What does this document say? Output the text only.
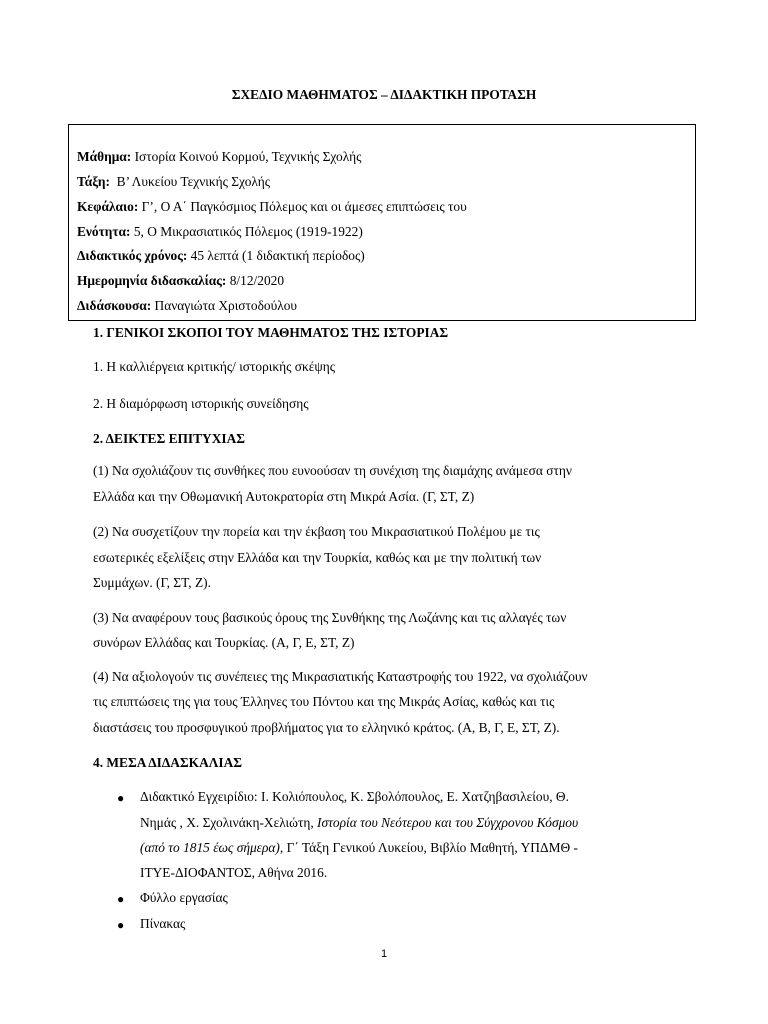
ΣΧΕΔΙΟ ΜΑΘΗΜΑΤΟΣ – ΔΙΔΑΚΤΙΚΗ ΠΡΟΤΑΣΗ
Μάθημα: Ιστορία Κοινού Κορμού, Τεχνικής Σχολής
Τάξη:  Β’ Λυκείου Τεχνικής Σχολής
Κεφάλαιο: Γ’, Ο Α΄ Παγκόσμιος Πόλεμος και οι άμεσες επιπτώσεις του
Ενότητα: 5, Ο Μικρασιατικός Πόλεμος (1919-1922)
Διδακτικός χρόνος: 45 λεπτά (1 διδακτική περίοδος)
Ημερομηνία διδασκαλίας: 8/12/2020
Διδάσκουσα: Παναγιώτα Χριστοδούλου
1. ΓΕΝΙΚΟΙ ΣΚΟΠΟΙ ΤΟΥ ΜΑΘΗΜΑΤΟΣ ΤΗΣ ΙΣΤΟΡΙΑΣ
1. Η καλλιέργεια κριτικής/ ιστορικής σκέψης
2. Η διαμόρφωση ιστορικής συνείδησης
2. ΔΕΙΚΤΕΣ ΕΠΙΤΥΧΙΑΣ
(1) Να σχολιάζουν τις συνθήκες που ευνοούσαν τη συνέχιση της διαμάχης ανάμεσα στην
Ελλάδα και την Οθωμανική Αυτοκρατορία στη Μικρά Ασία. (Γ, ΣΤ, Ζ)
(2) Να συσχετίζουν την πορεία και την έκβαση του Μικρασιατικού Πολέμου με τις
εσωτερικές εξελίξεις στην Ελλάδα και την Τουρκία, καθώς και με την πολιτική των
Συμμάχων. (Γ, ΣΤ, Ζ).
(3) Να αναφέρουν τους βασικούς όρους της Συνθήκης της Λωζάνης και τις αλλαγές των
συνόρων Ελλάδας και Τουρκίας. (Α, Γ, Ε, ΣΤ, Ζ)
(4) Να αξιολογούν τις συνέπειες της Μικρασιατικής Καταστροφής του 1922, να σχολιάζουν
τις επιπτώσεις της για τους Έλληνες του Πόντου και της Μικράς Ασίας, καθώς και τις
διαστάσεις του προσφυγικού προβλήματος για το ελληνικό κράτος. (Α, Β, Γ, Ε, ΣΤ, Ζ).
4. ΜΕΣΑ ΔΙΔΑΣΚΑΛΙΑΣ
● Διδακτικό Εγχειρίδιο: Ι. Κολιόπουλος, Κ. Σβολόπουλος, Ε. Χατζηβασιλείου, Θ.
Νημάς , Χ. Σχολινάκη-Χελιώτη, Ιστορία του Νεότερου και του Σύγχρονου Κόσμου
(από το 1815 έως σήμερα), Γ΄ Τάξη Γενικού Λυκείου, Βιβλίο Μαθητή, ΥΠΔΜΘ -
ΙΤΥΕ-ΔΙΟΦΑΝΤΟΣ, Αθήνα 2016.
● Φύλλο εργασίας
● Πίνακας
1
